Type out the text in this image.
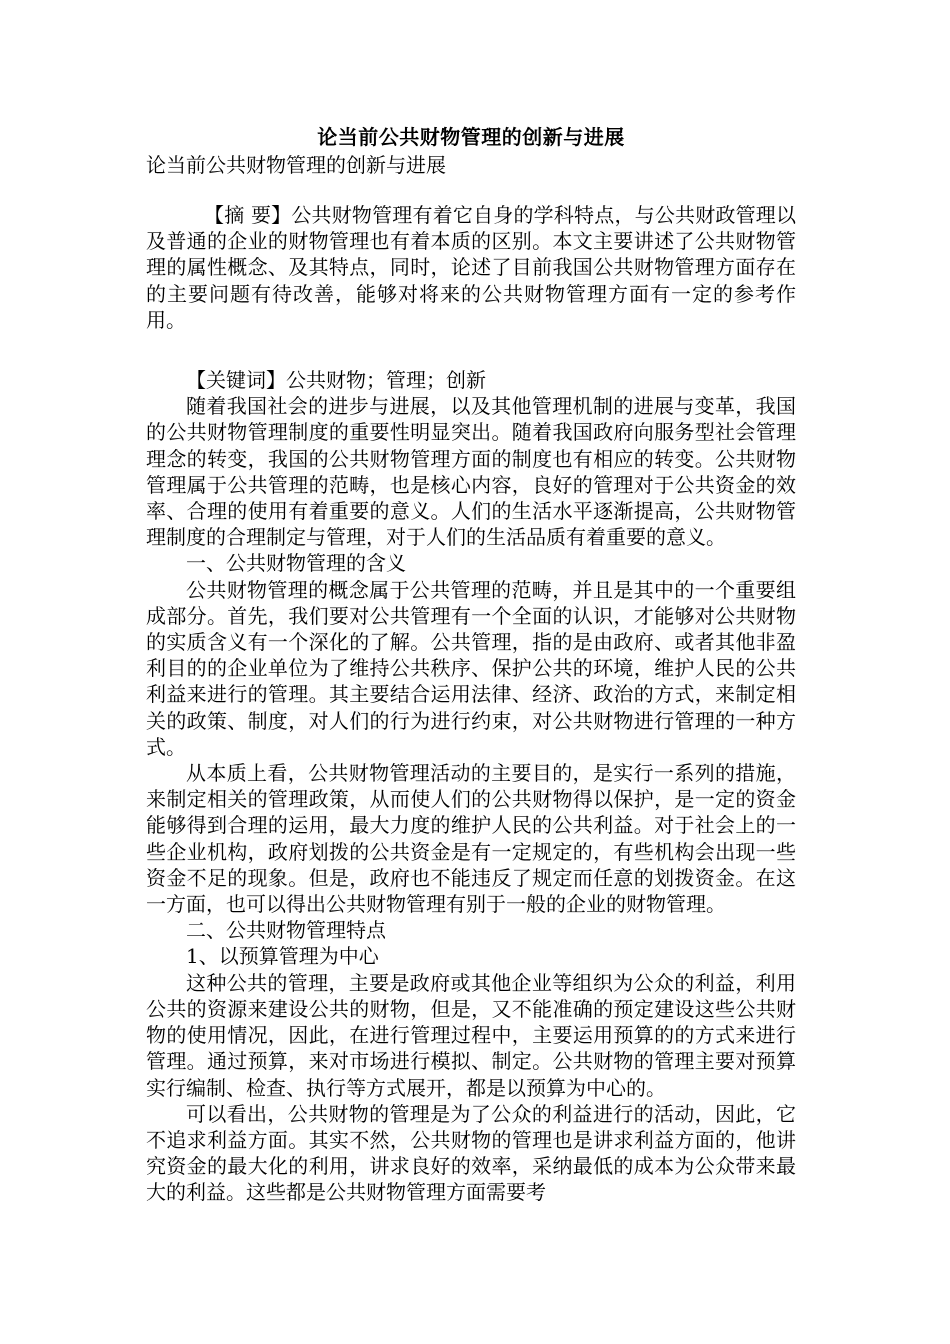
论当前公共财物管理的创新与进展

论当前公共财物管理的创新与进展

【摘 要】公共财物管理有着它自身的学科特点，与公共财政管理以及普通的企业的财物管理也有着本质的区别。本文主要讲述了公共财物管理的属性概念、及其特点，同时，论述了目前我国公共财物管理方面存在的主要问题有待改善，能够对将来的公共财物管理方面有一定的参考作用。

【关键词】公共财物；管理；创新

随着我国社会的进步与进展，以及其他管理机制的进展与变革，我国的公共财物管理制度的重要性明显突出。随着我国政府向服务型社会管理理念的转变，我国的公共财物管理方面的制度也有相应的转变。公共财物管理属于公共管理的范畴，也是核心内容，良好的管理对于公共资金的效率、合理的使用有着重要的意义。人们的生活水平逐渐提高，公共财物管理制度的合理制定与管理，对于人们的生活品质有着重要的意义。

一、公共财物管理的含义

公共财物管理的概念属于公共管理的范畴，并且是其中的一个重要组成部分。首先，我们要对公共管理有一个全面的认识，才能够对公共财物的实质含义有一个深化的了解。公共管理，指的是由政府、或者其他非盈利目的的企业单位为了维持公共秩序、保护公共的环境，维护人民的公共利益来进行的管理。其主要结合运用法律、经济、政治的方式，来制定相关的政策、制度，对人们的行为进行约束，对公共财物进行管理的一种方式。

从本质上看，公共财物管理活动的主要目的，是实行一系列的措施，来制定相关的管理政策，从而使人们的公共财物得以保护，是一定的资金能够得到合理的运用，最大力度的维护人民的公共利益。对于社会上的一些企业机构，政府划拨的公共资金是有一定规定的，有些机构会出现一些资金不足的现象。但是，政府也不能违反了规定而任意的划拨资金。在这一方面，也可以得出公共财物管理有别于一般的企业的财物管理。

二、公共财物管理特点

1、以预算管理为中心

这种公共的管理，主要是政府或其他企业等组织为公众的利益，利用公共的资源来建设公共的财物，但是，又不能准确的预定建设这些公共财物的使用情况，因此，在进行管理过程中，主要运用预算的的方式来进行管理。通过预算，来对市场进行模拟、制定。公共财物的管理主要对预算实行编制、检查、执行等方式展开，都是以预算为中心的。

可以看出，公共财物的管理是为了公众的利益进行的活动，因此，它不追求利益方面。其实不然，公共财物的管理也是讲求利益方面的，他讲究资金的最大化的利用，讲求良好的效率，采纳最低的成本为公众带来最大的利益。这些都是公共财物管理方面需要考
